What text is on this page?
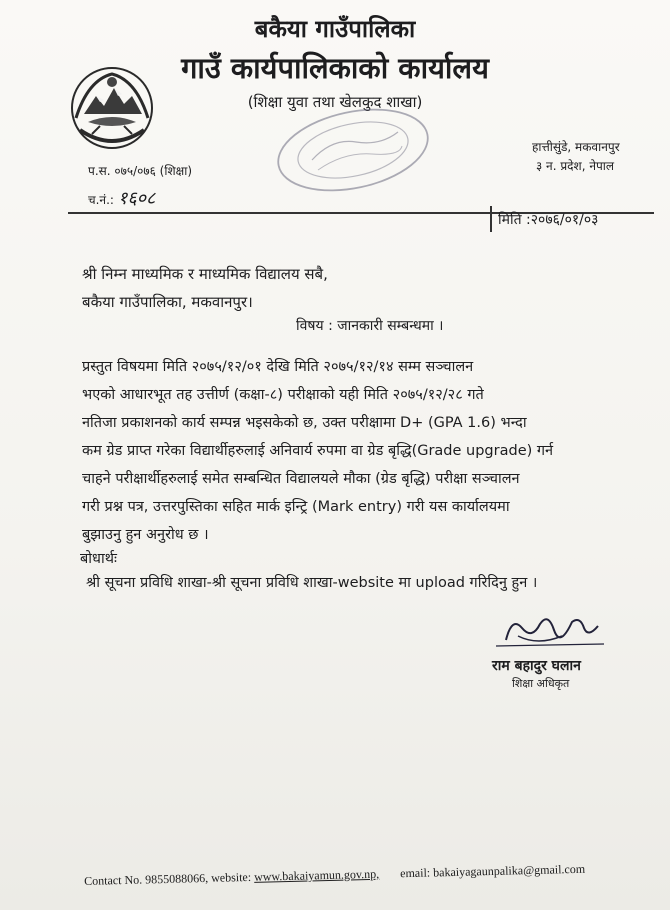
बकैया गाउँपालिका
गाउँ कार्यपालिकाको कार्यालय
(शिक्षा युवा तथा खेलकुद शाखा)
प.स. ०७५/०७६ (शिक्षा)
च.नं.: १६०८
हात्तीसुंडे, मकवानपुर
३ न. प्रदेश, नेपाल
मिति :२०७६/०१/०३
श्री निम्न माध्यमिक र माध्यमिक विद्यालय सबै,
बकैया गाउँपालिका, मकवानपुर।
विषय : जानकारी सम्बन्धमा ।
प्रस्तुत विषयमा मिति २०७५/१२/०१ देखि मिति २०७५/१२/१४ सम्म सञ्चालन
भएको आधारभूत तह उत्तीर्ण (कक्षा-८) परीक्षाको यही मिति २०७५/१२/२८ गते
नतिजा प्रकाशनको कार्य सम्पन्न भइसकेको छ, उक्त परीक्षामा D+ (GPA 1.6) भन्दा
कम ग्रेड प्राप्त गरेका विद्यार्थीहरुलाई अनिवार्य रुपमा वा ग्रेड बृद्धि(Grade upgrade) गर्न
चाहने परीक्षार्थीहरुलाई समेत सम्बन्धित विद्यालयले मौका (ग्रेड बृद्धि) परीक्षा सञ्चालन
गरी प्रश्न पत्र, उत्तरपुस्तिका सहित मार्क इन्ट्रि (Mark entry) गरी यस कार्यालयमा
बुझाउनु हुन अनुरोध छ ।
बोधार्थः
श्री सूचना प्रविधि शाखा-श्री सूचना प्रविधि शाखा-website मा upload गरिदिनु हुन ।
राम बहादुर घलान
शिक्षा अधिकृत
Contact No. 9855088066, website: www.bakaiyamun.gov.np, email: bakaiyagaunpalika@gmail.com
